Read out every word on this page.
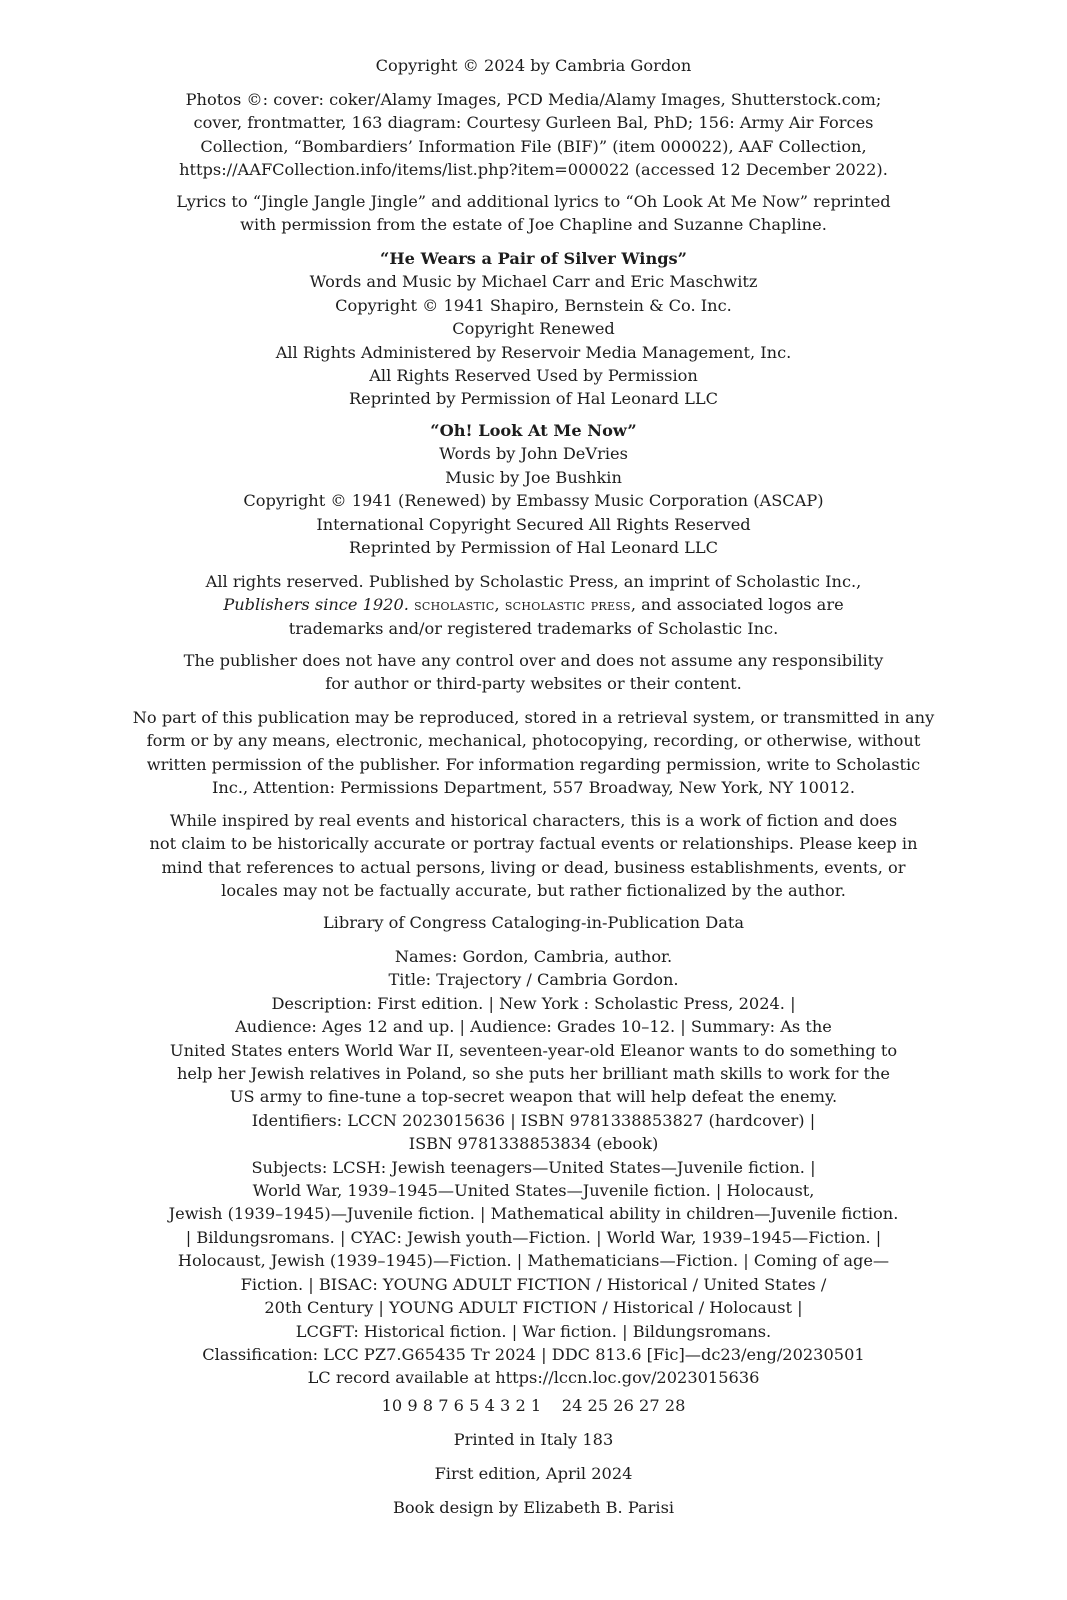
Copyright © 2024 by Cambria Gordon
Photos ©: cover: coker/Alamy Images, PCD Media/Alamy Images, Shutterstock.com;
cover, frontmatter, 163 diagram: Courtesy Gurleen Bal, PhD; 156: Army Air Forces
Collection, “Bombardiers’ Information File (BIF)” (item 000022), AAF Collection,
https://AAFCollection.info/items/list.php?item=000022 (accessed 12 December 2022).
Lyrics to “Jingle Jangle Jingle” and additional lyrics to “Oh Look At Me Now” reprinted
with permission from the estate of Joe Chapline and Suzanne Chapline.
“He Wears a Pair of Silver Wings”
Words and Music by Michael Carr and Eric Maschwitz
Copyright © 1941 Shapiro, Bernstein & Co. Inc.
Copyright Renewed
All Rights Administered by Reservoir Media Management, Inc.
All Rights Reserved Used by Permission
Reprinted by Permission of Hal Leonard LLC
“Oh! Look At Me Now”
Words by John DeVries
Music by Joe Bushkin
Copyright © 1941 (Renewed) by Embassy Music Corporation (ASCAP)
International Copyright Secured All Rights Reserved
Reprinted by Permission of Hal Leonard LLC
All rights reserved. Published by Scholastic Press, an imprint of Scholastic Inc.,
Publishers since 1920. scholastic, scholastic press, and associated logos are
trademarks and/or registered trademarks of Scholastic Inc.
The publisher does not have any control over and does not assume any responsibility
for author or third-party websites or their content.
No part of this publication may be reproduced, stored in a retrieval system, or transmitted in any
form or by any means, electronic, mechanical, photocopying, recording, or otherwise, without
written permission of the publisher. For information regarding permission, write to Scholastic
Inc., Attention: Permissions Department, 557 Broadway, New York, NY 10012.
While inspired by real events and historical characters, this is a work of fiction and does
not claim to be historically accurate or portray factual events or relationships. Please keep in
mind that references to actual persons, living or dead, business establishments, events, or
locales may not be factually accurate, but rather fictionalized by the author.
Library of Congress Cataloging-in-Publication Data
Names: Gordon, Cambria, author.
Title: Trajectory / Cambria Gordon.
Description: First edition. | New York : Scholastic Press, 2024. |
Audience: Ages 12 and up. | Audience: Grades 10–12. | Summary: As the
United States enters World War II, seventeen-year-old Eleanor wants to do something to
help her Jewish relatives in Poland, so she puts her brilliant math skills to work for the
US army to fine-tune a top-secret weapon that will help defeat the enemy.
Identifiers: LCCN 2023015636 | ISBN 9781338853827 (hardcover) |
ISBN 9781338853834 (ebook)
Subjects: LCSH: Jewish teenagers—United States—Juvenile fiction. |
World War, 1939–1945—United States—Juvenile fiction. | Holocaust,
Jewish (1939–1945)—Juvenile fiction. | Mathematical ability in children—Juvenile fiction.
| Bildungsromans. | CYAC: Jewish youth—Fiction. | World War, 1939–1945—Fiction. |
Holocaust, Jewish (1939–1945)—Fiction. | Mathematicians—Fiction. | Coming of age—
Fiction. | BISAC: YOUNG ADULT FICTION / Historical / United States /
20th Century | YOUNG ADULT FICTION / Historical / Holocaust |
LCGFT: Historical fiction. | War fiction. | Bildungsromans.
Classification: LCC PZ7.G65435 Tr 2024 | DDC 813.6 [Fic]—dc23/eng/20230501
LC record available at https://lccn.loc.gov/2023015636
10 9 8 7 6 5 4 3 2 1    24 25 26 27 28
Printed in Italy 183
First edition, April 2024
Book design by Elizabeth B. Parisi
